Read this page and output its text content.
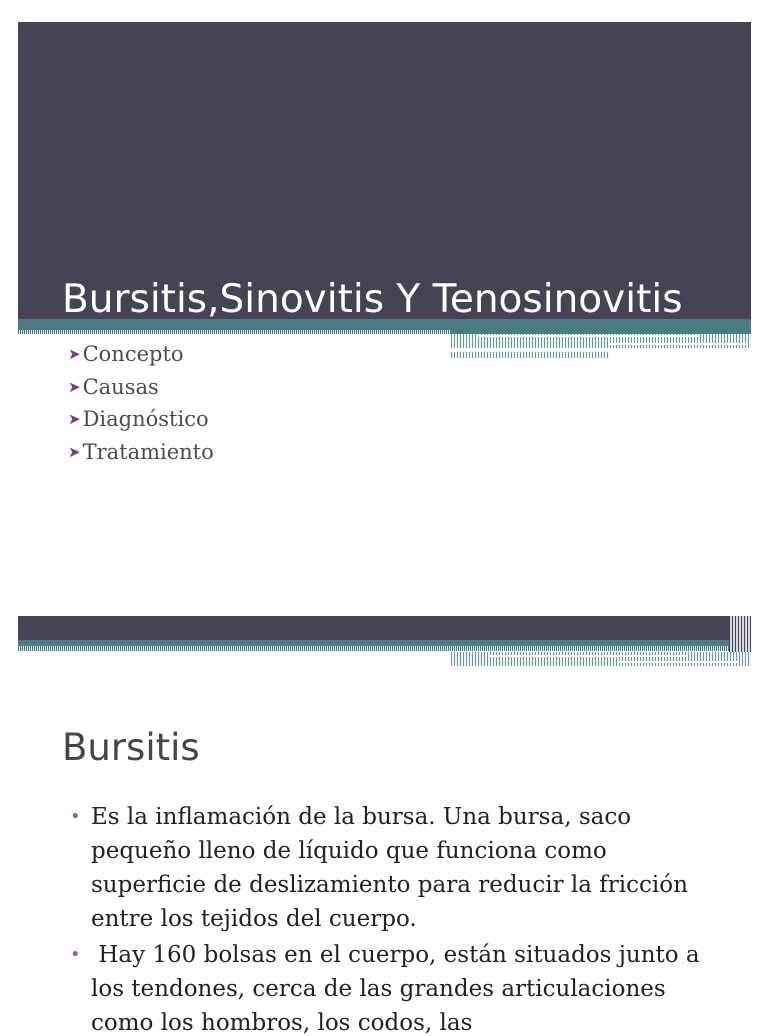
Bursitis,Sinovitis Y Tenosinovitis
➤Concepto
➤Causas
➤Diagnóstico
➤Tratamiento
Bursitis
• Es la inflamación de la bursa. Una bursa, saco pequeño lleno de líquido que funciona como superficie de deslizamiento para reducir la fricción entre los tejidos del cuerpo.
• Hay 160 bolsas en el cuerpo, están situados junto a los tendones, cerca de las grandes articulaciones como los hombros, los codos, las
